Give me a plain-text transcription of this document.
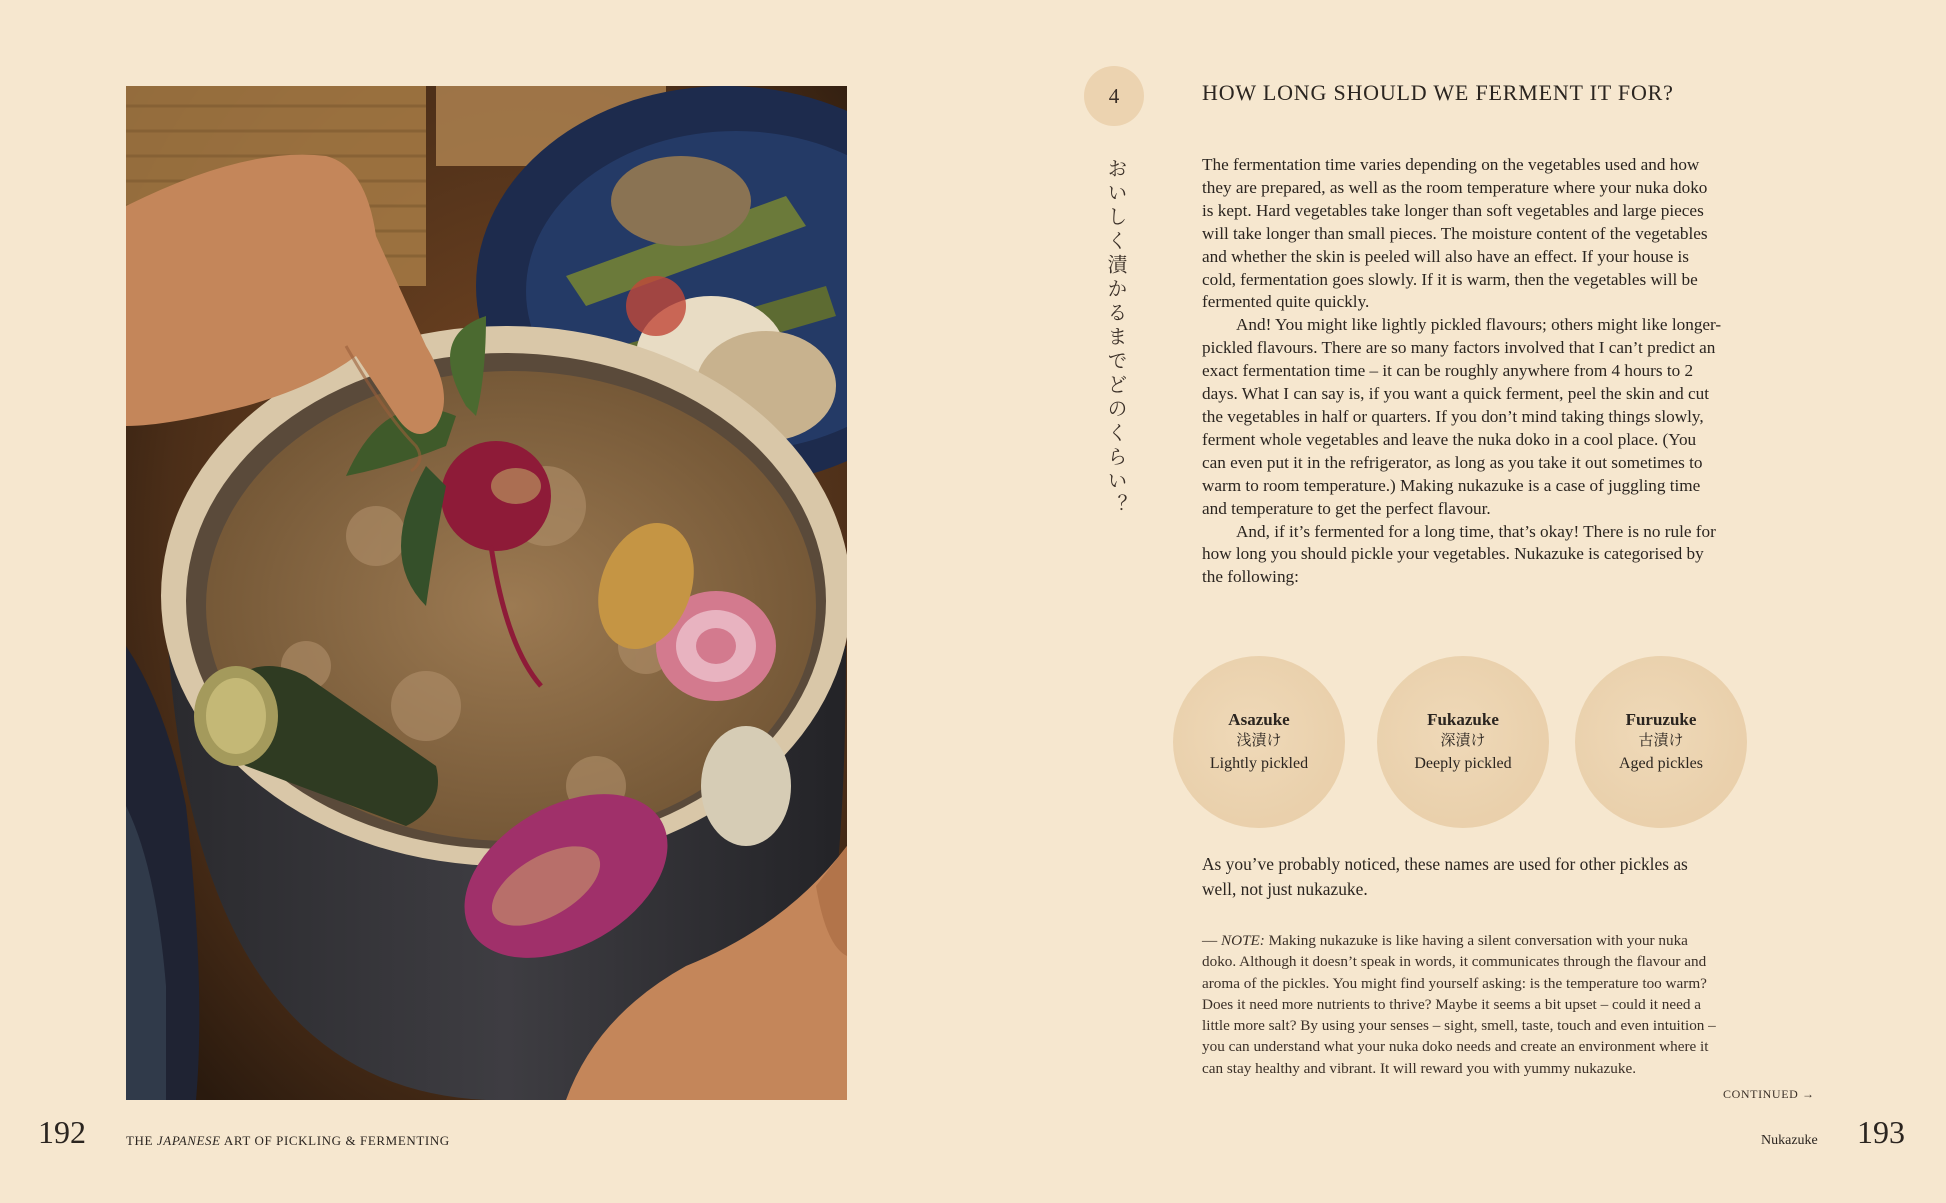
192	THE JAPANESE ART OF PICKLING & FERMENTING
4	HOW LONG SHOULD WE FERMENT IT FOR?
おいしく漬かるまでどのくらい？	The fermentation time varies depending on the vegetables used and how they are prepared, as well as the room temperature where your nuka doko is kept. Hard vegetables take longer than soft vegetables and large pieces will take longer than small pieces. The moisture content of the vegetables and whether the skin is peeled will also have an effect. If your house is cold, fermentation goes slowly. If it is warm, then the vegetables will be fermented quite quickly.

And! You might like lightly pickled flavours; others might like longer-pickled flavours. There are so many factors involved that I can’t predict an exact fermentation time – it can be roughly anywhere from 4 hours to 2 days. What I can say is, if you want a quick ferment, peel the skin and cut the vegetables in half or quarters. If you don’t mind taking things slowly, ferment whole vegetables and leave the nuka doko in a cool place. (You can even put it in the refrigerator, as long as you take it out sometimes to warm to room temperature.) Making nukazuke is a case of juggling time and temperature to get the perfect flavour.

And, if it’s fermented for a long time, that’s okay! There is no rule for how long you should pickle your vegetables. Nukazuke is categorised by the following:

Asazuke
浅漬け
Lightly pickled
Fukazuke
深漬け
Deeply pickled
Furuzuke
古漬け
Aged pickles

As you’ve probably noticed, these names are used for other pickles as well, not just nukazuke.

— NOTE: Making nukazuke is like having a silent conversation with your nuka doko. Although it doesn’t speak in words, it communicates through the flavour and aroma of the pickles. You might find yourself asking: is the temperature too warm? Does it need more nutrients to thrive? Maybe it seems a bit upset – could it need a little more salt? By using your senses – sight, smell, taste, touch and even intuition – you can understand what your nuka doko needs and create an environment where it can stay healthy and vibrant. It will reward you with yummy nukazuke.

CONTINUED →
Nukazuke 193
